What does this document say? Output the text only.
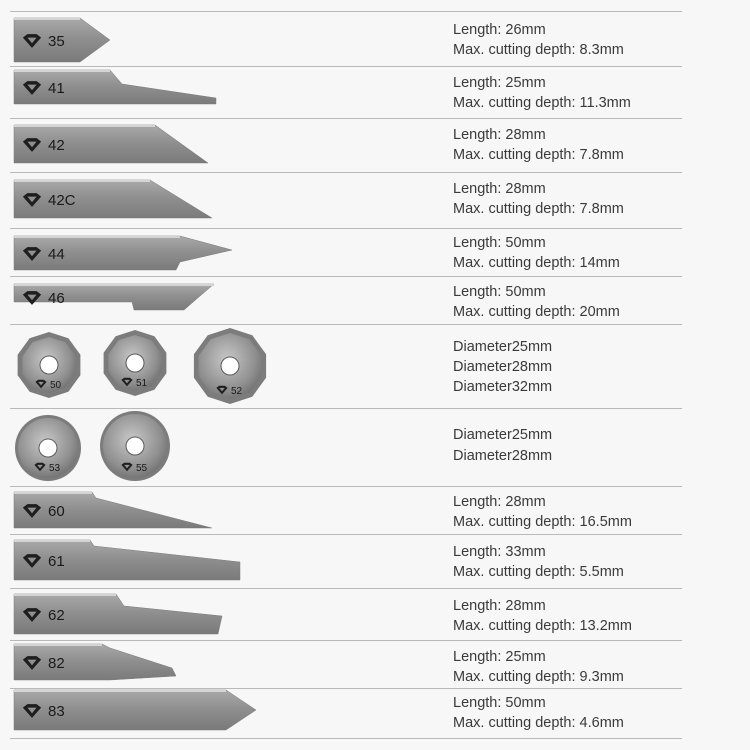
35
41
42
42C
44
46
60
61
62
82
83
50	51
52
53	55
Length: 26mm
Max. cutting depth: 8.3mm
Length: 25mm
Max. cutting depth: 11.3mm
Length: 28mm
Max. cutting depth: 7.8mm
Length: 28mm
Max. cutting depth: 7.8mm
Length: 50mm
Max. cutting depth: 14mm
Length: 50mm
Max. cutting depth: 20mm
Length: 28mm
Max. cutting depth: 16.5mm
Length: 33mm
Max. cutting depth: 5.5mm
Length: 28mm
Max. cutting depth: 13.2mm
Length: 25mm
Max. cutting depth: 9.3mm
Length: 50mm
Max. cutting depth: 4.6mm
Diameter25mm
Diameter28mm
Diameter32mm
Diameter25mm
Diameter28mm
